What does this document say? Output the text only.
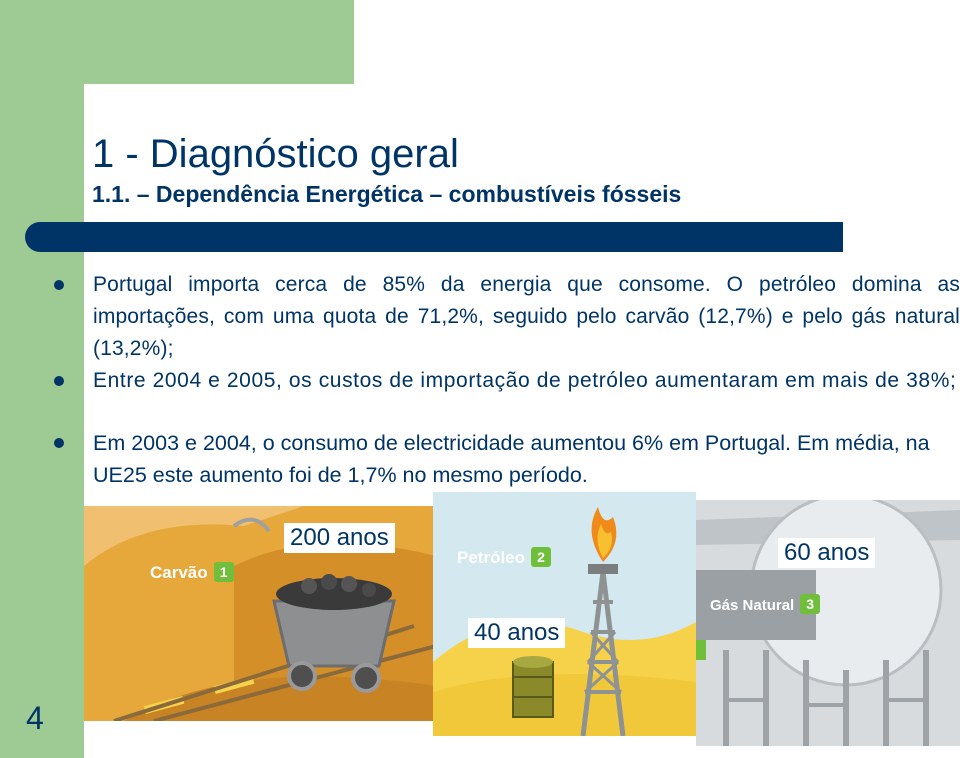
1 - Diagnóstico geral
1.1. – Dependência Energética – combustíveis fósseis
Portugal importa cerca de 85% da energia que consome. O petróleo domina as importações, com uma quota de 71,2%, seguido pelo carvão (12,7%) e pelo gás natural (13,2%);
Entre 2004 e 2005, os custos de importação de petróleo aumentaram em mais de 38%;
Em 2003 e 2004, o consumo de electricidade aumentou 6% em Portugal. Em média, na UE25 este aumento foi de 1,7% no mesmo período.
Carvão 1
Petróleo 2
Gás Natural 3
200 anos
40 anos
60 anos
4
